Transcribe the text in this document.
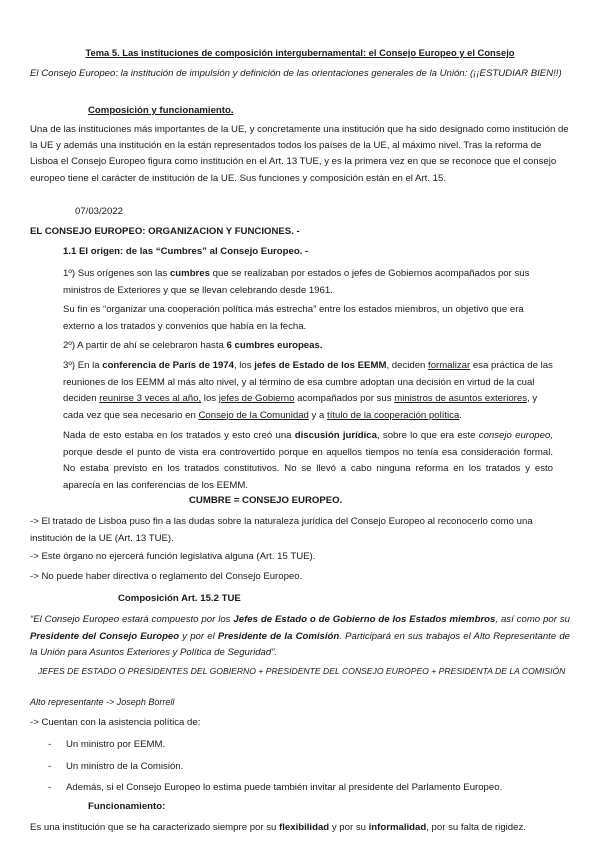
Tema 5. Las instituciones de composición intergubernamental: el Consejo Europeo y el Consejo

El Consejo Europeo: la institución de impulsión y definición de las orientaciones generales de la Unión: (¡¡ESTUDIAR BIEN!!)

Composición y funcionamiento.

Una de las instituciones más importantes de la UE, y concretamente una institución que ha sido designado como institución de la UE y además una institución en la están representados todos los países de la UE, al máximo nivel. Tras la reforma de Lisboa el Consejo Europeo figura como institución en el Art. 13 TUE, y es la primera vez en que se reconoce que el consejo europeo tiene el carácter de institución de la UE. Sus funciones y composición están en el Art. 15.

07/03/2022

EL CONSEJO EUROPEO: ORGANIZACION Y FUNCIONES. -

1.1 El origen: de las “Cumbres” al Consejo Europeo. -

1º) Sus orígenes son las cumbres que se realizaban por estados o jefes de Gobiernos acompañados por sus ministros de Exteriores y que se llevan celebrando desde 1961.

Su fin es “organizar una cooperación política más estrecha” entre los estados miembros, un objetivo que era externo a los tratados y convenios que había en la fecha.

2º) A partir de ahí se celebraron hasta 6 cumbres europeas.

3º) En la conferencia de París de 1974, los jefes de Estado de los EEMM, deciden formalizar esa práctica de las reuniones de los EEMM al más alto nivel, y al término de esa cumbre adoptan una decisión en virtud de la cual deciden reunirse 3 veces al año, los jefes de Gobierno acompañados por sus ministros de asuntos exteriores, y cada vez que sea necesario en Consejo de la Comunidad y a título de la cooperación política.

Nada de esto estaba en los tratados y esto creó una discusión jurídica, sobre lo que era este consejo europeo, porque desde el punto de vista era controvertido porque en aquellos tiempos no tenía esa consideración formal. No estaba previsto en los tratados constitutivos. No se llevó a cabo ninguna reforma en los tratados y esto aparecía en las conferencias de los EEMM.

CUMBRE = CONSEJO EUROPEO.

-> El tratado de Lisboa puso fin a las dudas sobre la naturaleza jurídica del Consejo Europeo al reconocerlo como una institución de la UE (Art. 13 TUE).

-> Este órgano no ejercerá función legislativa alguna (Art. 15 TUE).

-> No puede haber directiva o reglamento del Consejo Europeo.

Composición Art. 15.2 TUE

“El Consejo Europeo estará compuesto por los Jefes de Estado o de Gobierno de los Estados miembros, así como por su Presidente del Consejo Europeo y por el Presidente de la Comisión. Participará en sus trabajos el Alto Representante de la Unión para Asuntos Exteriores y Política de Seguridad”.

JEFES DE ESTADO O PRESIDENTES DEL GOBIERNO + PRESIDENTE DEL CONSEJO EUROPEO + PRESIDENTA DE LA COMISIÓN

Alto representante -> Joseph Borrell

-> Cuentan con la asistencia política de:

- Un ministro por EEMM.

- Un ministro de la Comisión.

- Además, si el Consejo Europeo lo estima puede también invitar al presidente del Parlamento Europeo.

Funcionamiento:

Es una institución que se ha caracterizado siempre por su flexibilidad y por su informalidad, por su falta de rigidez.
